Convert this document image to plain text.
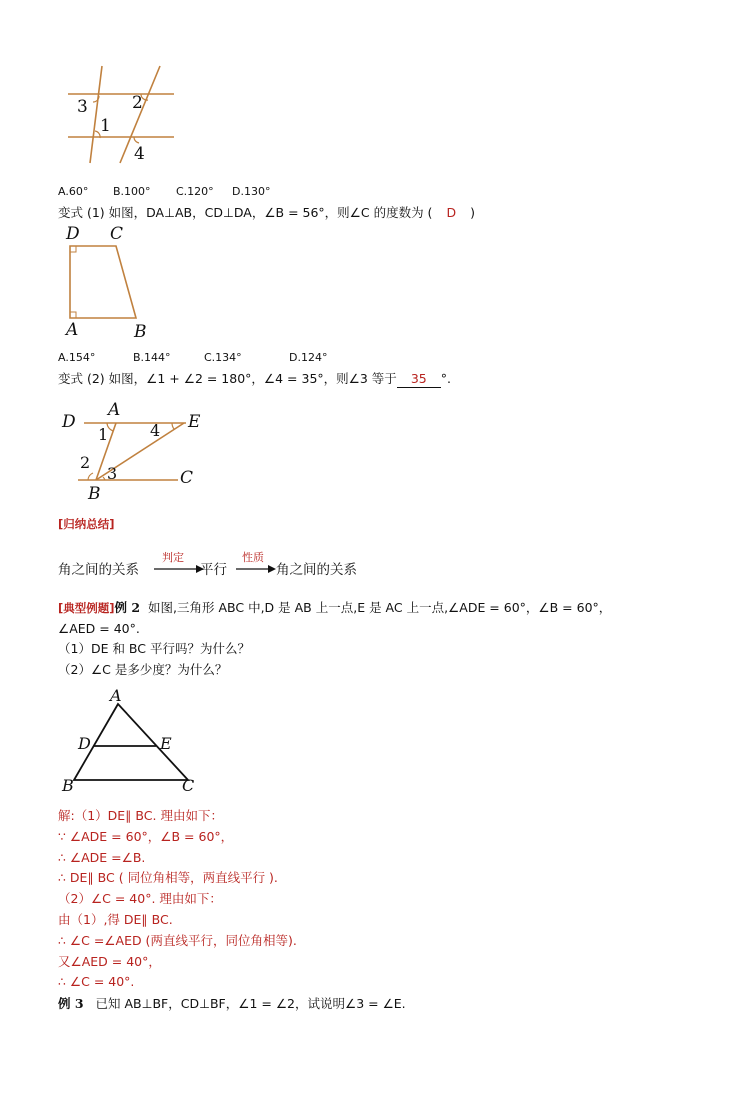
3	2
1
4
A.60° B.100° C.120° D.130°
变式 (1) 如图，DA⊥AB，CD⊥DA，∠B = 56°，则∠C 的度数为 ( D )
D C
A	B
A.154°	B.144°	C.134°	D.124°
变式 (2) 如图，∠1 + ∠2 = 180°，∠4 = 35°，则∠3 等于 35 °.
D
A
E
1	4
2
3
B
C
[归纳总结]
角之间的关系
判定
平行
性质
角之间的关系
[典型例题]例 2 如图,三角形 ABC 中,D 是 AB 上一点,E 是 AC 上一点,∠ADE = 60°，∠B = 60°，
∠AED = 40°.
（1）DE 和 BC 平行吗？为什么？
（2）∠C 是多少度？为什么？
A
D	E
B	C
解:（1）DE∥ BC. 理由如下：
∵ ∠ADE = 60°，∠B = 60°，
∴ ∠ADE =∠B.
∴ DE∥ BC ( 同位角相等，两直线平行 ).
（2）∠C = 40°. 理由如下：
由（1）,得 DE∥ BC.
∴ ∠C =∠AED (两直线平行，同位角相等).
又∠AED = 40°，
∴ ∠C = 40°.
例 3 已知 AB⊥BF，CD⊥BF，∠1 = ∠2，试说明∠3 = ∠E.
